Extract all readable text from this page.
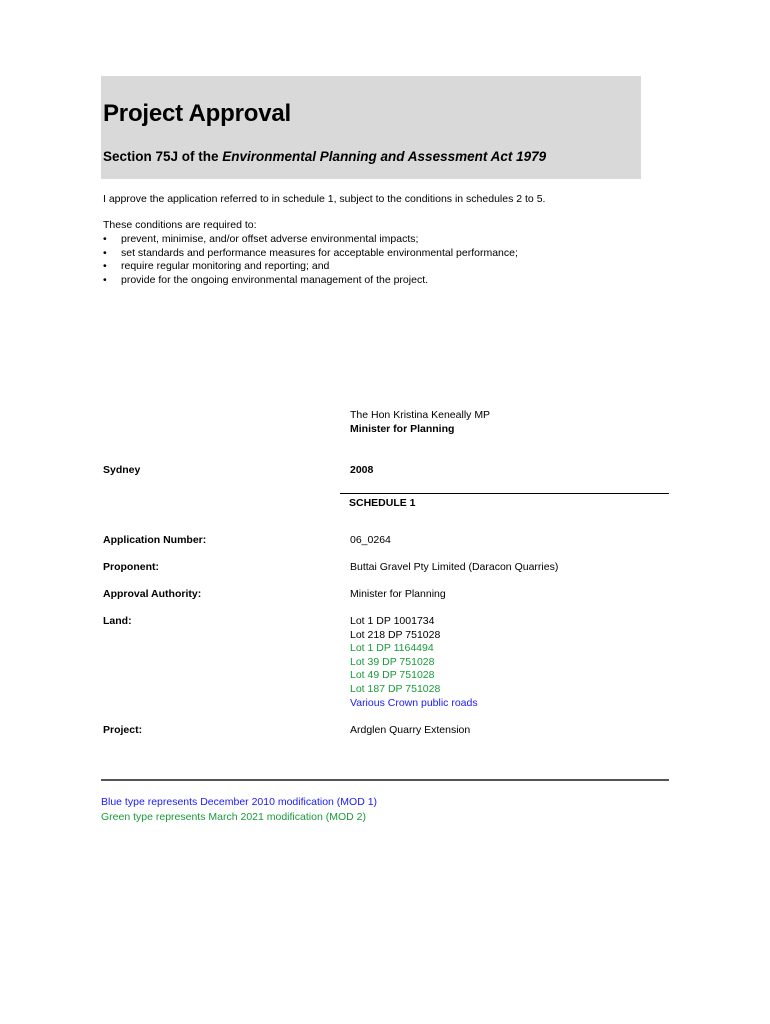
Project Approval
Section 75J of the Environmental Planning and Assessment Act 1979
I approve the application referred to in schedule 1, subject to the conditions in schedules 2 to 5.
These conditions are required to:
• prevent, minimise, and/or offset adverse environmental impacts;
• set standards and performance measures for acceptable environmental performance;
• require regular monitoring and reporting; and
• provide for the ongoing environmental management of the project.
The Hon Kristina Keneally MP
Minister for Planning
Sydney	2008
SCHEDULE 1
Application Number:	06_0264
Proponent:	Buttai Gravel Pty Limited (Daracon Quarries)
Approval Authority:	Minister for Planning
Land:	Lot 1 DP 1001734
Lot 218 DP 751028
Lot 1 DP 1164494
Lot 39 DP 751028
Lot 49 DP 751028
Lot 187 DP 751028
Various Crown public roads
Project:	Ardglen Quarry Extension
Blue type represents December 2010 modification (MOD 1)
Green type represents March 2021 modification (MOD 2)
